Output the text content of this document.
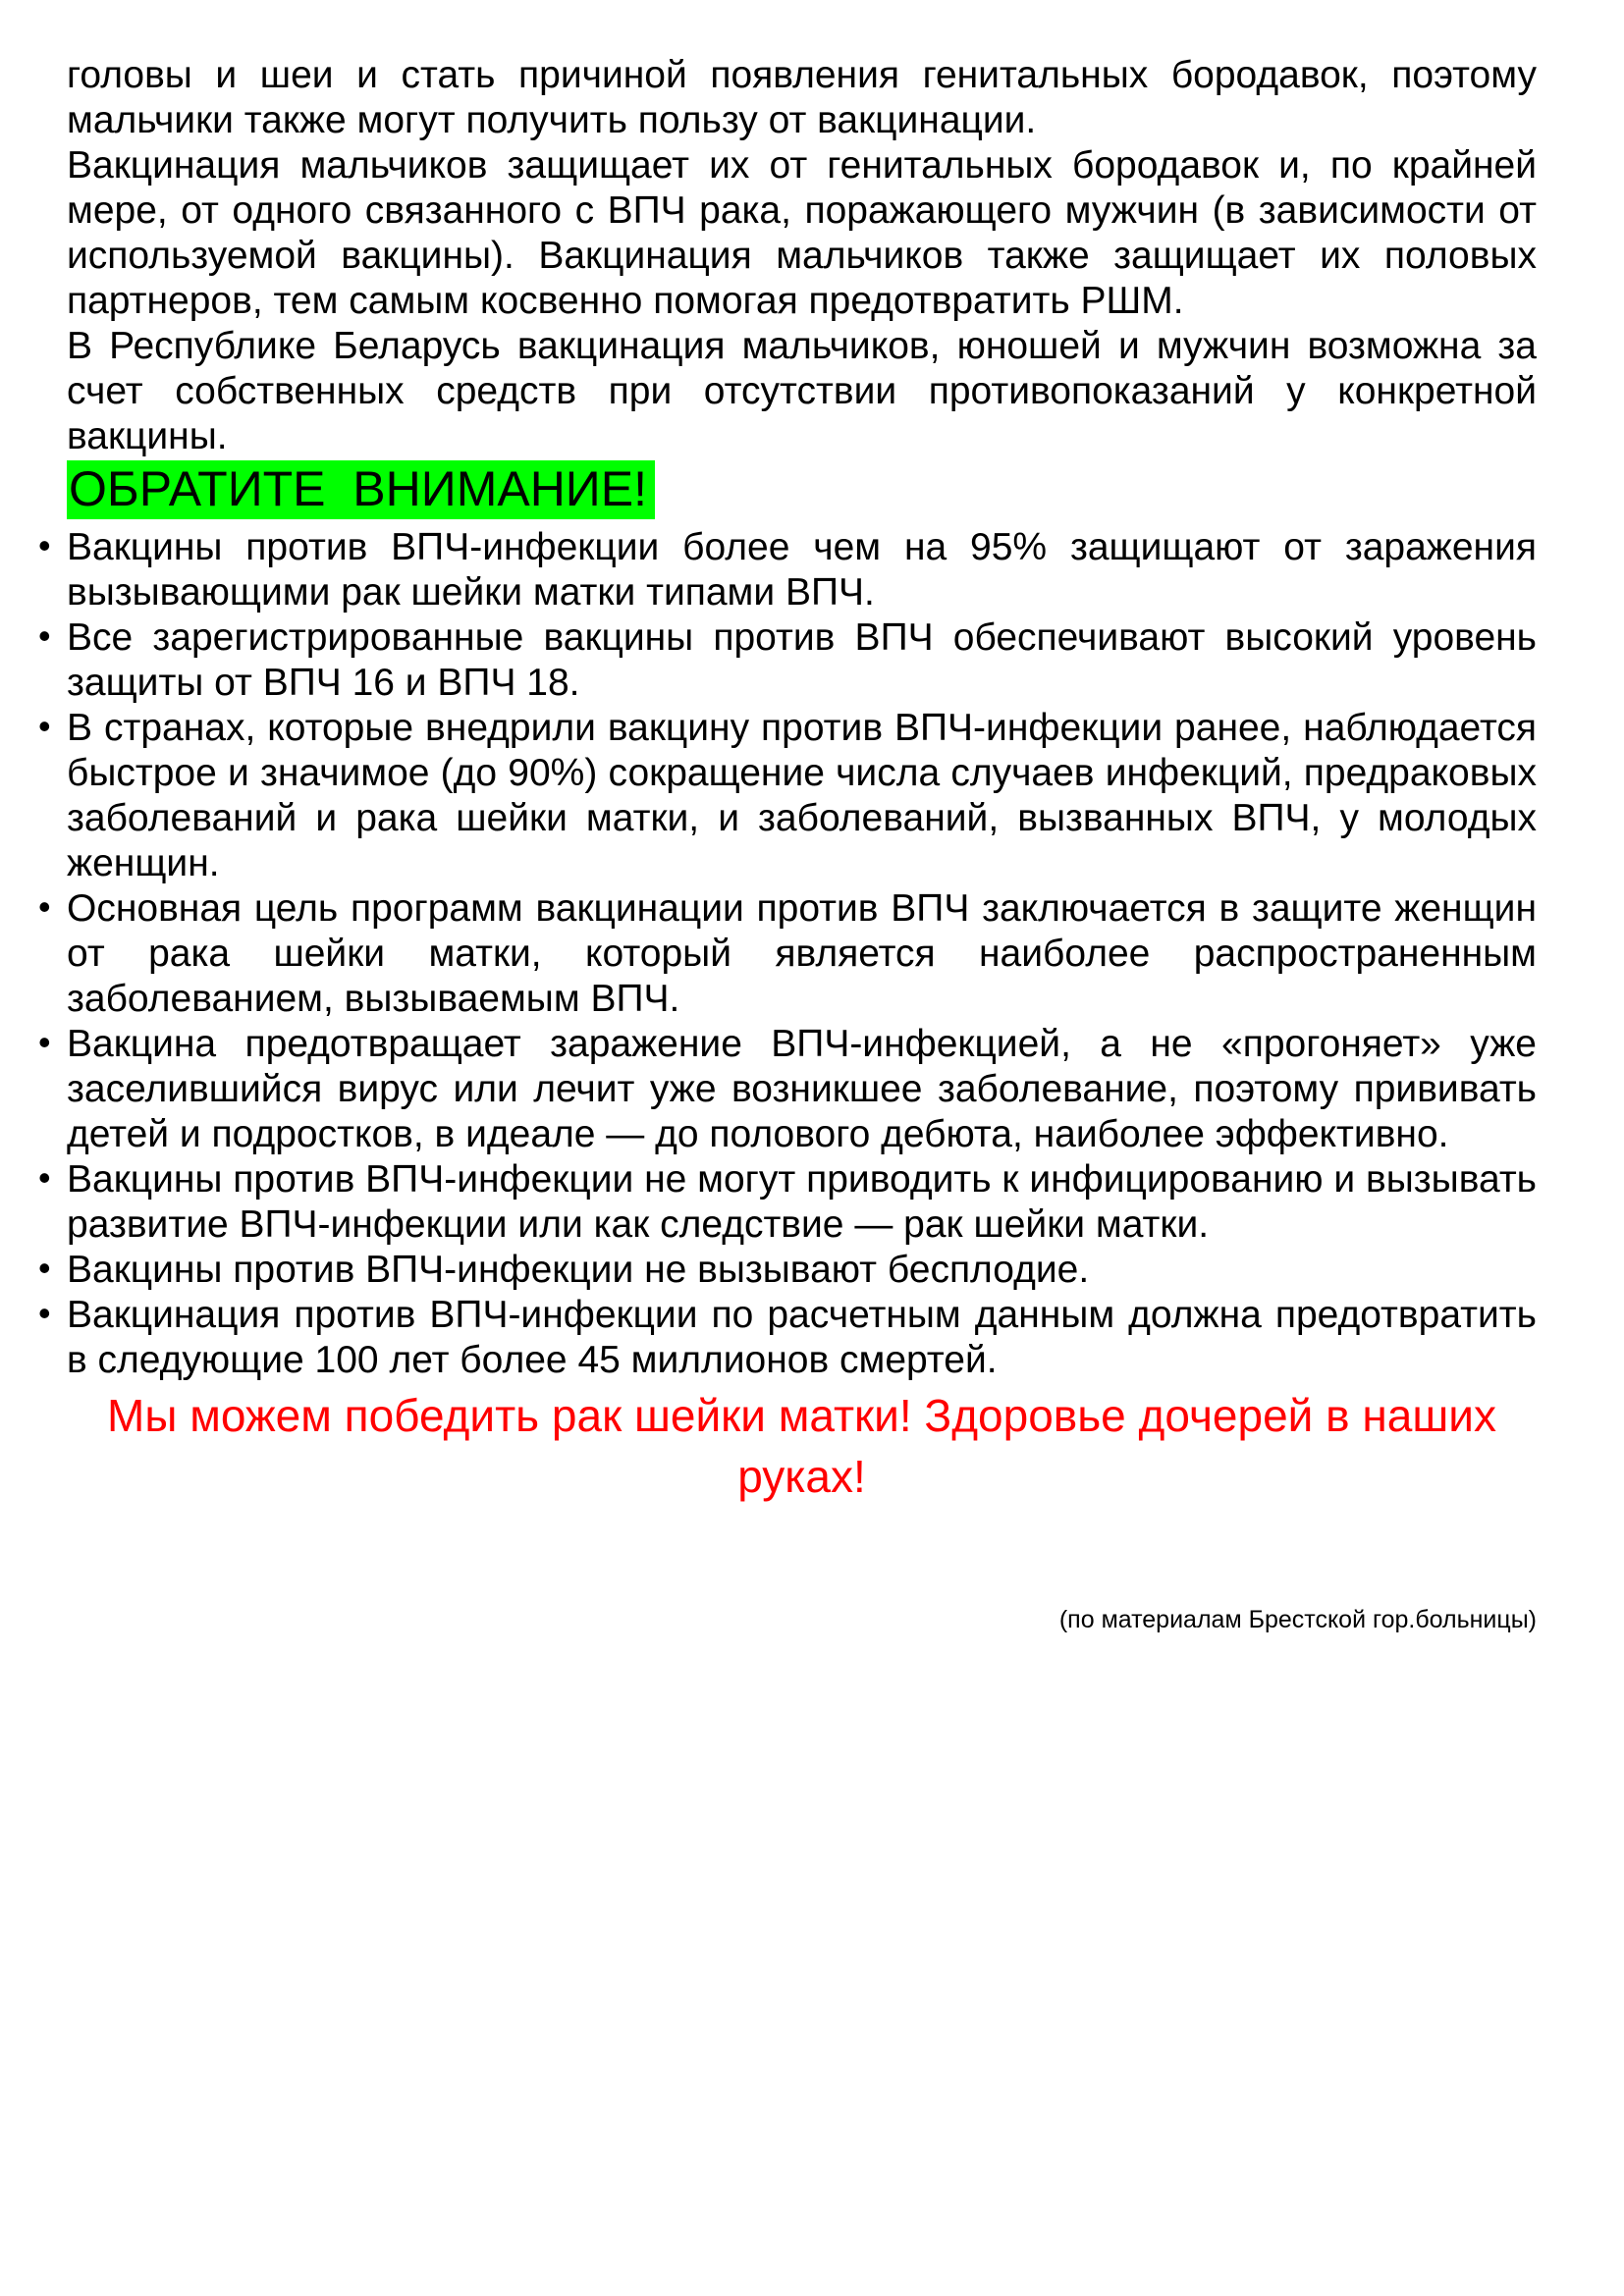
головы и шеи и стать причиной появления генитальных бородавок, поэтому мальчики также могут получить пользу от вакцинации.

Вакцинация мальчиков защищает их от генитальных бородавок и, по крайней мере, от одного связанного с ВПЧ рака, поражающего мужчин (в зависимости от используемой вакцины). Вакцинация мальчиков также защищает их половых партнеров, тем самым косвенно помогая предотвратить РШМ.

В Республике Беларусь вакцинация мальчиков, юношей и мужчин возможна за счет собственных средств при отсутствии противопоказаний у конкретной вакцины.

ОБРАТИТЕ  ВНИМАНИЕ!

• Вакцины против ВПЧ-инфекции более чем на 95% защищают от заражения вызывающими рак шейки матки типами ВПЧ.
• Все зарегистрированные вакцины против ВПЧ обеспечивают высокий уровень защиты от ВПЧ 16 и ВПЧ 18.
• В странах, которые внедрили вакцину против ВПЧ-инфекции ранее, наблюдается быстрое и значимое (до 90%) сокращение числа случаев инфекций, предраковых заболеваний и рака шейки матки, и заболеваний, вызванных ВПЧ, у молодых женщин.
• Основная цель программ вакцинации против ВПЧ заключается в защите женщин от рака шейки матки, который является наиболее распространенным заболеванием, вызываемым ВПЧ.
• Вакцина предотвращает заражение ВПЧ-инфекцией, а не «прогоняет» уже заселившийся вирус или лечит уже возникшее заболевание, поэтому прививать детей и подростков, в идеале — до полового дебюта, наиболее эффективно.
• Вакцины против ВПЧ-инфекции не могут приводить к инфицированию и вызывать развитие ВПЧ-инфекции или как следствие — рак шейки матки.
• Вакцины против ВПЧ-инфекции не вызывают бесплодие.
• Вакцинация против ВПЧ-инфекции по расчетным данным должна предотвратить в следующие 100 лет более 45 миллионов смертей.

Мы можем победить рак шейки матки! Здоровье дочерей в наших руках!

(по материалам Брестской гор.больницы)
